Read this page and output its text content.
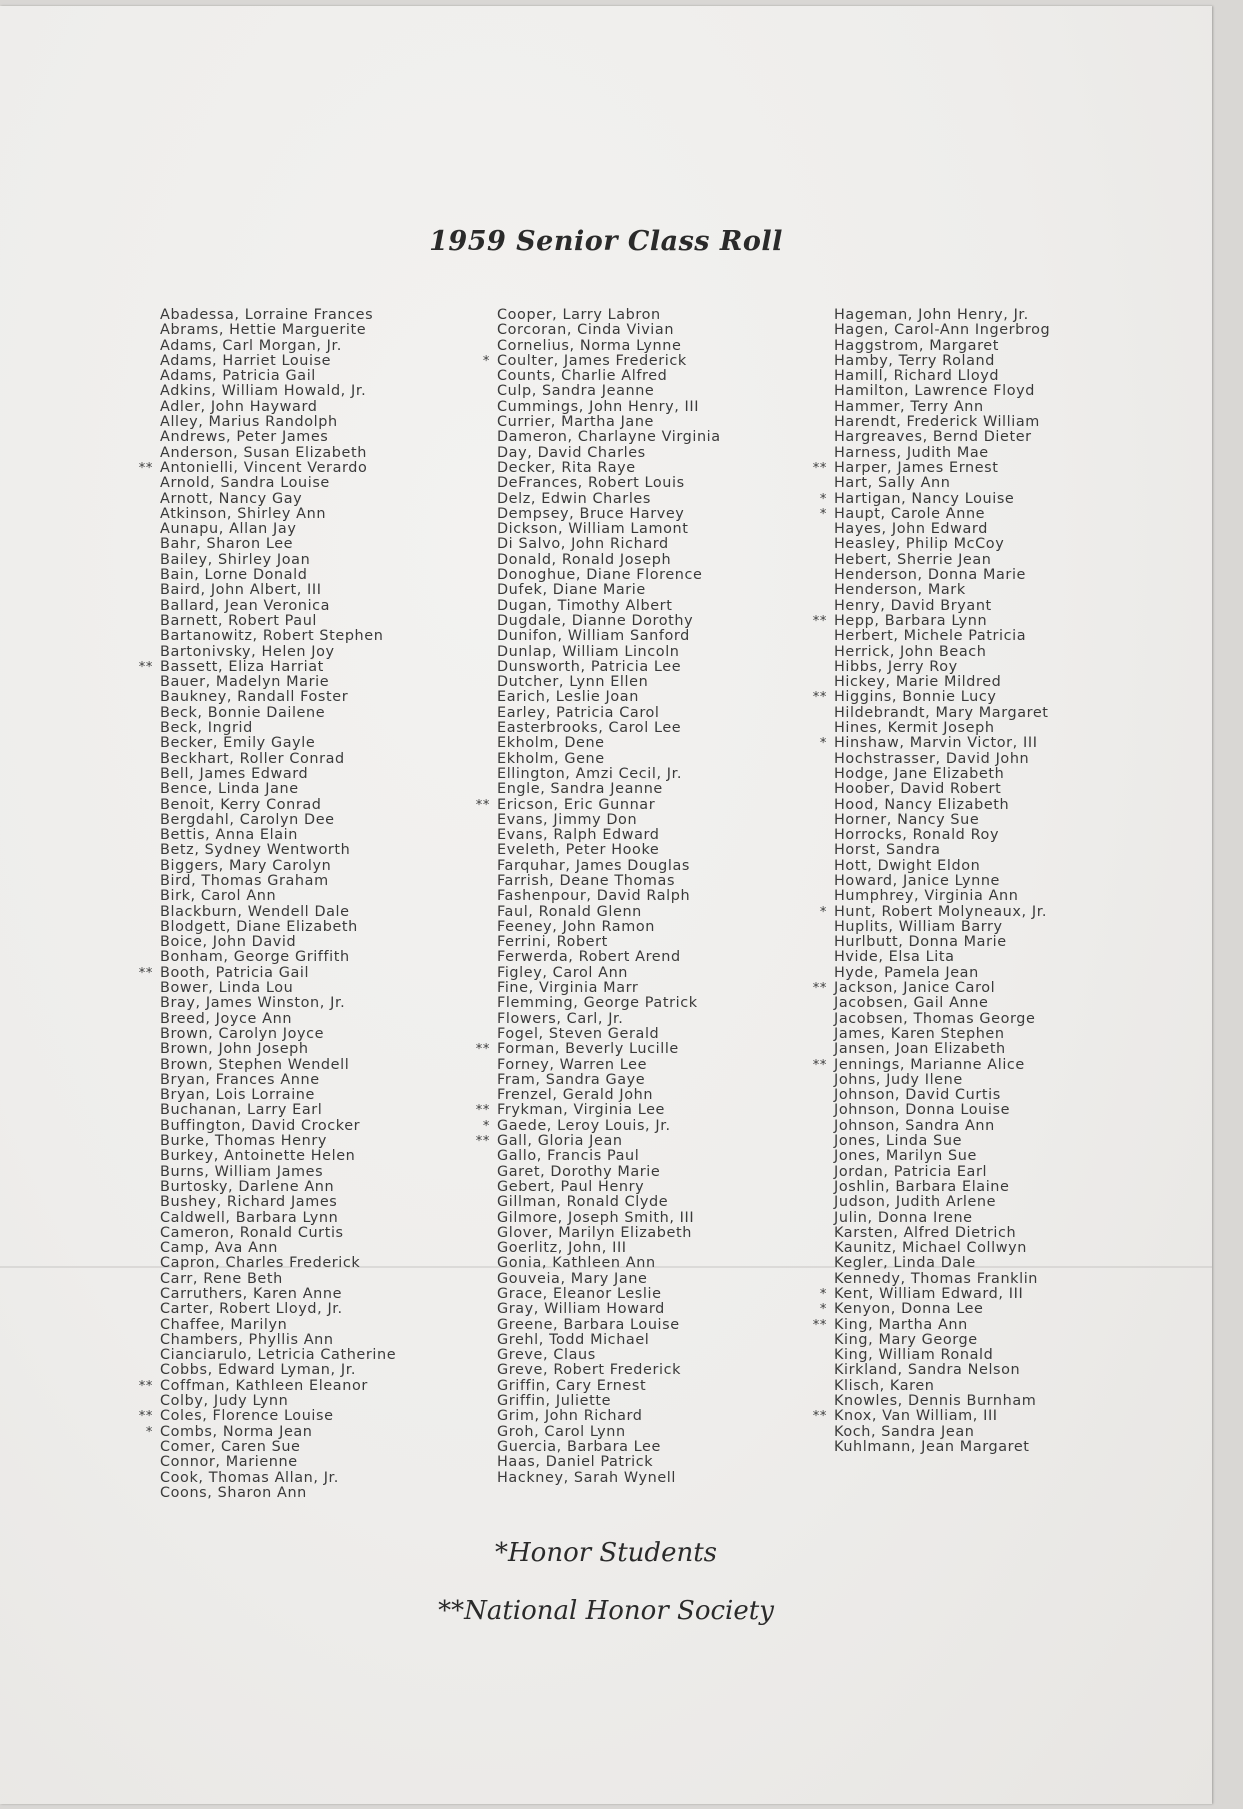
1959 Senior Class Roll
Abadessa, Lorraine Frances
Abrams, Hettie Marguerite
Adams, Carl Morgan, Jr.
Adams, Harriet Louise
Adams, Patricia Gail
Adkins, William Howald, Jr.
Adler, John Hayward
Alley, Marius Randolph
Andrews, Peter James
Anderson, Susan Elizabeth
** Antonielli, Vincent Verardo
Arnold, Sandra Louise
Arnott, Nancy Gay
Atkinson, Shirley Ann
Aunapu, Allan Jay
Bahr, Sharon Lee
Bailey, Shirley Joan
Bain, Lorne Donald
Baird, John Albert, III
Ballard, Jean Veronica
Barnett, Robert Paul
Bartanowitz, Robert Stephen
Bartonivsky, Helen Joy
** Bassett, Eliza Harriat
Bauer, Madelyn Marie
Baukney, Randall Foster
Beck, Bonnie Dailene
Beck, Ingrid
Becker, Emily Gayle
Beckhart, Roller Conrad
Bell, James Edward
Bence, Linda Jane
Benoit, Kerry Conrad
Bergdahl, Carolyn Dee
Bettis, Anna Elain
Betz, Sydney Wentworth
Biggers, Mary Carolyn
Bird, Thomas Graham
Birk, Carol Ann
Blackburn, Wendell Dale
Blodgett, Diane Elizabeth
Boice, John David
Bonham, George Griffith
** Booth, Patricia Gail
Bower, Linda Lou
Bray, James Winston, Jr.
Breed, Joyce Ann
Brown, Carolyn Joyce
Brown, John Joseph
Brown, Stephen Wendell
Bryan, Frances Anne
Bryan, Lois Lorraine
Buchanan, Larry Earl
Buffington, David Crocker
Burke, Thomas Henry
Burkey, Antoinette Helen
Burns, William James
Burtosky, Darlene Ann
Bushey, Richard James
Caldwell, Barbara Lynn
Cameron, Ronald Curtis
Camp, Ava Ann
Capron, Charles Frederick
Carr, Rene Beth
Carruthers, Karen Anne
Carter, Robert Lloyd, Jr.
Chaffee, Marilyn
Chambers, Phyllis Ann
Cianciarulo, Letricia Catherine
Cobbs, Edward Lyman, Jr.
** Coffman, Kathleen Eleanor
Colby, Judy Lynn
** Coles, Florence Louise
* Combs, Norma Jean
Comer, Caren Sue
Connor, Marienne
Cook, Thomas Allan, Jr.
Coons, Sharon Ann
Cooper, Larry Labron
Corcoran, Cinda Vivian
Cornelius, Norma Lynne
* Coulter, James Frederick
Counts, Charlie Alfred
Culp, Sandra Jeanne
Cummings, John Henry, III
Currier, Martha Jane
Dameron, Charlayne Virginia
Day, David Charles
Decker, Rita Raye
DeFrances, Robert Louis
Delz, Edwin Charles
Dempsey, Bruce Harvey
Dickson, William Lamont
Di Salvo, John Richard
Donald, Ronald Joseph
Donoghue, Diane Florence
Dufek, Diane Marie
Dugan, Timothy Albert
Dugdale, Dianne Dorothy
Dunifon, William Sanford
Dunlap, William Lincoln
Dunsworth, Patricia Lee
Dutcher, Lynn Ellen
Earich, Leslie Joan
Earley, Patricia Carol
Easterbrooks, Carol Lee
Ekholm, Dene
Ekholm, Gene
Ellington, Amzi Cecil, Jr.
Engle, Sandra Jeanne
** Ericson, Eric Gunnar
Evans, Jimmy Don
Evans, Ralph Edward
Eveleth, Peter Hooke
Farquhar, James Douglas
Farrish, Deane Thomas
Fashenpour, David Ralph
Faul, Ronald Glenn
Feeney, John Ramon
Ferrini, Robert
Ferwerda, Robert Arend
Figley, Carol Ann
Fine, Virginia Marr
Flemming, George Patrick
Flowers, Carl, Jr.
Fogel, Steven Gerald
** Forman, Beverly Lucille
Forney, Warren Lee
Fram, Sandra Gaye
Frenzel, Gerald John
** Frykman, Virginia Lee
* Gaede, Leroy Louis, Jr.
** Gall, Gloria Jean
Gallo, Francis Paul
Garet, Dorothy Marie
Gebert, Paul Henry
Gillman, Ronald Clyde
Gilmore, Joseph Smith, III
Glover, Marilyn Elizabeth
Goerlitz, John, III
Gonia, Kathleen Ann
Gouveia, Mary Jane
Grace, Eleanor Leslie
Gray, William Howard
Greene, Barbara Louise
Grehl, Todd Michael
Greve, Claus
Greve, Robert Frederick
Griffin, Cary Ernest
Griffin, Juliette
Grim, John Richard
Groh, Carol Lynn
Guercia, Barbara Lee
Haas, Daniel Patrick
Hackney, Sarah Wynell
Hageman, John Henry, Jr.
Hagen, Carol-Ann Ingerbrog
Haggstrom, Margaret
Hamby, Terry Roland
Hamill, Richard Lloyd
Hamilton, Lawrence Floyd
Hammer, Terry Ann
Harendt, Frederick William
Hargreaves, Bernd Dieter
Harness, Judith Mae
** Harper, James Ernest
Hart, Sally Ann
* Hartigan, Nancy Louise
* Haupt, Carole Anne
Hayes, John Edward
Heasley, Philip McCoy
Hebert, Sherrie Jean
Henderson, Donna Marie
Henderson, Mark
Henry, David Bryant
** Hepp, Barbara Lynn
Herbert, Michele Patricia
Herrick, John Beach
Hibbs, Jerry Roy
Hickey, Marie Mildred
** Higgins, Bonnie Lucy
Hildebrandt, Mary Margaret
Hines, Kermit Joseph
* Hinshaw, Marvin Victor, III
Hochstrasser, David John
Hodge, Jane Elizabeth
Hoober, David Robert
Hood, Nancy Elizabeth
Horner, Nancy Sue
Horrocks, Ronald Roy
Horst, Sandra
Hott, Dwight Eldon
Howard, Janice Lynne
Humphrey, Virginia Ann
* Hunt, Robert Molyneaux, Jr.
Huplits, William Barry
Hurlbutt, Donna Marie
Hvide, Elsa Lita
Hyde, Pamela Jean
** Jackson, Janice Carol
Jacobsen, Gail Anne
Jacobsen, Thomas George
James, Karen Stephen
Jansen, Joan Elizabeth
** Jennings, Marianne Alice
Johns, Judy Ilene
Johnson, David Curtis
Johnson, Donna Louise
Johnson, Sandra Ann
Jones, Linda Sue
Jones, Marilyn Sue
Jordan, Patricia Earl
Joshlin, Barbara Elaine
Judson, Judith Arlene
Julin, Donna Irene
Karsten, Alfred Dietrich
Kaunitz, Michael Collwyn
Kegler, Linda Dale
Kennedy, Thomas Franklin
* Kent, William Edward, III
* Kenyon, Donna Lee
** King, Martha Ann
King, Mary George
King, William Ronald
Kirkland, Sandra Nelson
Klisch, Karen
Knowles, Dennis Burnham
** Knox, Van William, III
Koch, Sandra Jean
Kuhlmann, Jean Margaret

*Honor Students

**National Honor Society
